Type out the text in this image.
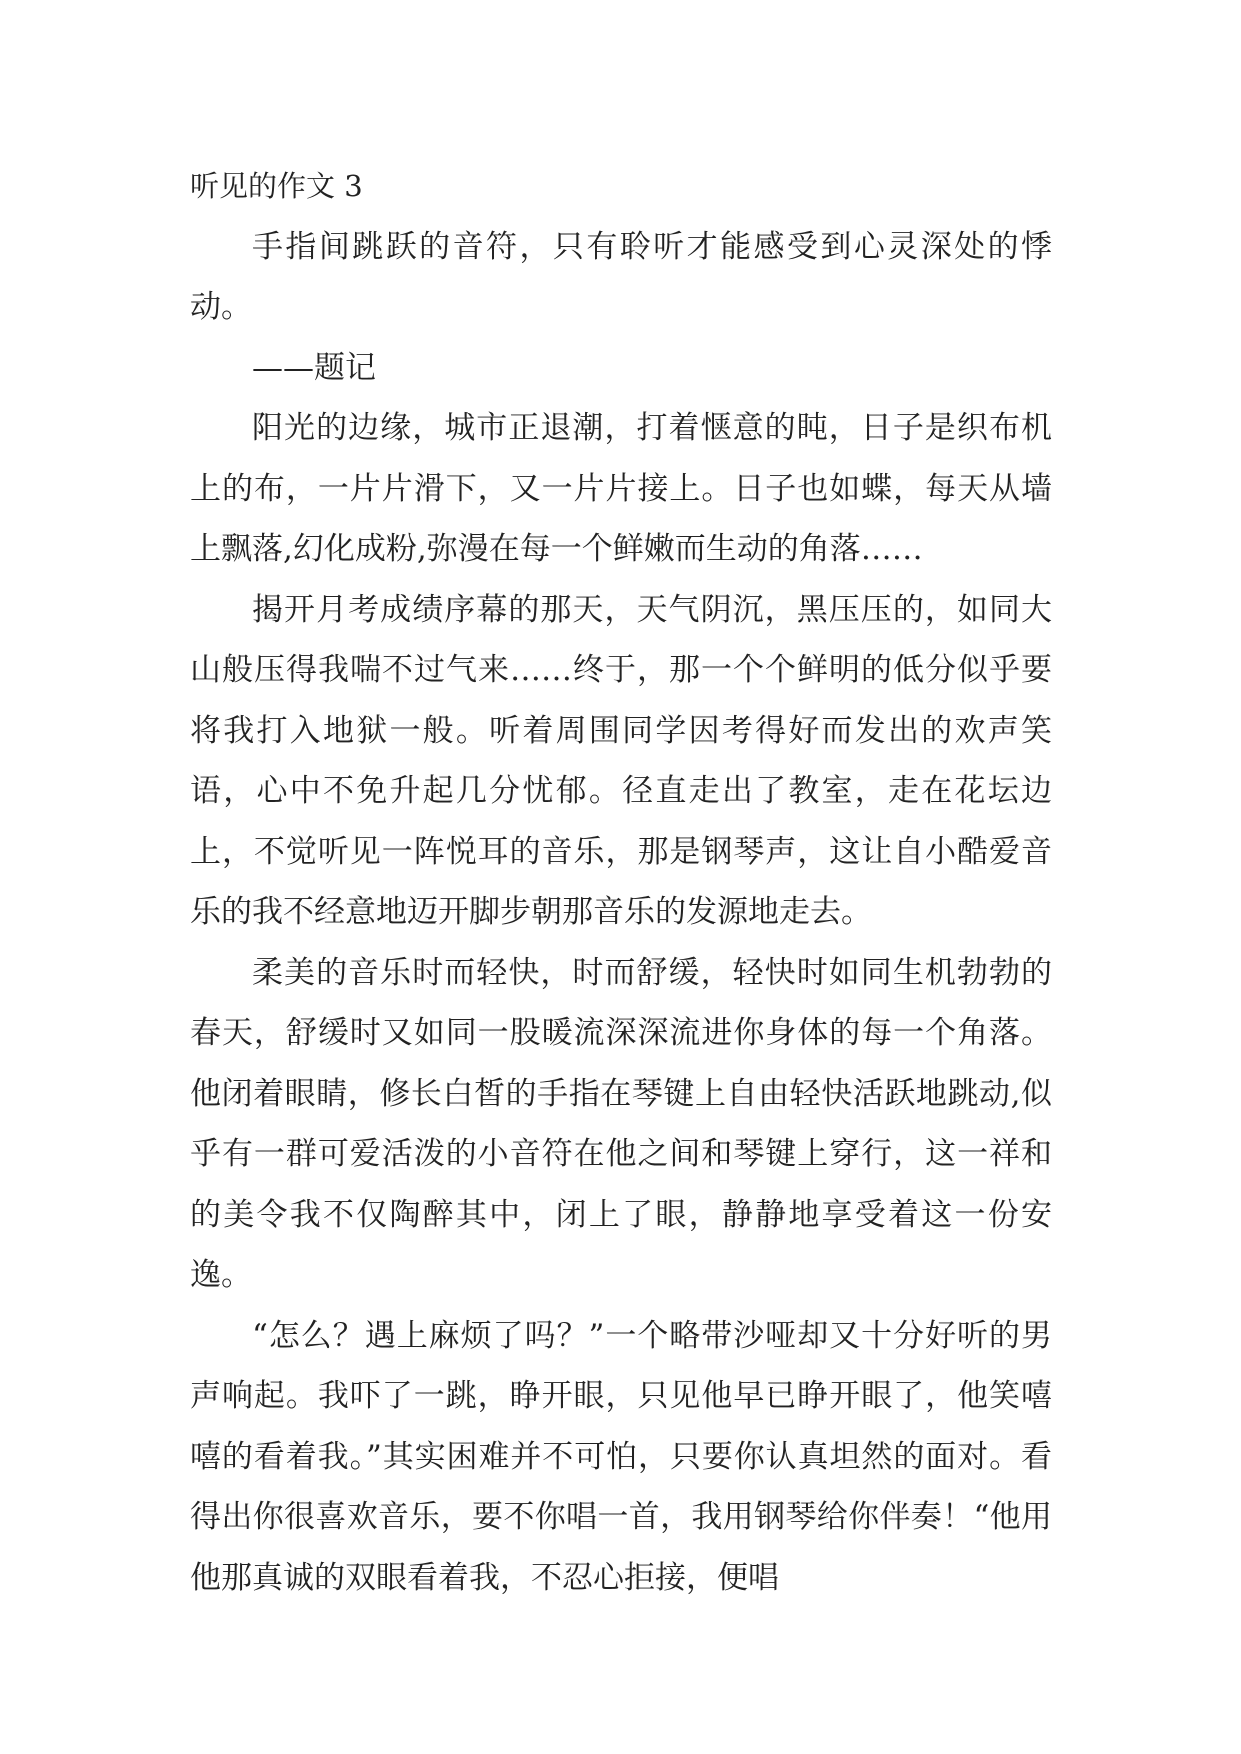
听见的作文 3

手指间跳跃的音符，只有聆听才能感受到心灵深处的悸动。

——题记

阳光的边缘，城市正退潮，打着惬意的盹，日子是织布机上的布，一片片滑下，又一片片接上。日子也如蝶，每天从墙上飘落,幻化成粉,弥漫在每一个鲜嫩而生动的角落……

揭开月考成绩序幕的那天，天气阴沉，黑压压的，如同大山般压得我喘不过气来……终于，那一个个鲜明的低分似乎要将我打入地狱一般。听着周围同学因考得好而发出的欢声笑语，心中不免升起几分忧郁。径直走出了教室，走在花坛边上，不觉听见一阵悦耳的音乐，那是钢琴声，这让自小酷爱音乐的我不经意地迈开脚步朝那音乐的发源地走去。

柔美的音乐时而轻快，时而舒缓，轻快时如同生机勃勃的春天，舒缓时又如同一股暖流深深流进你身体的每一个角落。他闭着眼睛，修长白皙的手指在琴键上自由轻快活跃地跳动,似乎有一群可爱活泼的小音符在他之间和琴键上穿行，这一祥和的美令我不仅陶醉其中，闭上了眼，静静地享受着这一份安逸。

“怎么？遇上麻烦了吗？”一个略带沙哑却又十分好听的男声响起。我吓了一跳，睁开眼，只见他早已睁开眼了，他笑嘻嘻的看着我。”其实困难并不可怕，只要你认真坦然的面对。看得出你很喜欢音乐，要不你唱一首，我用钢琴给你伴奏！“他用他那真诚的双眼看着我，不忍心拒接，便唱
